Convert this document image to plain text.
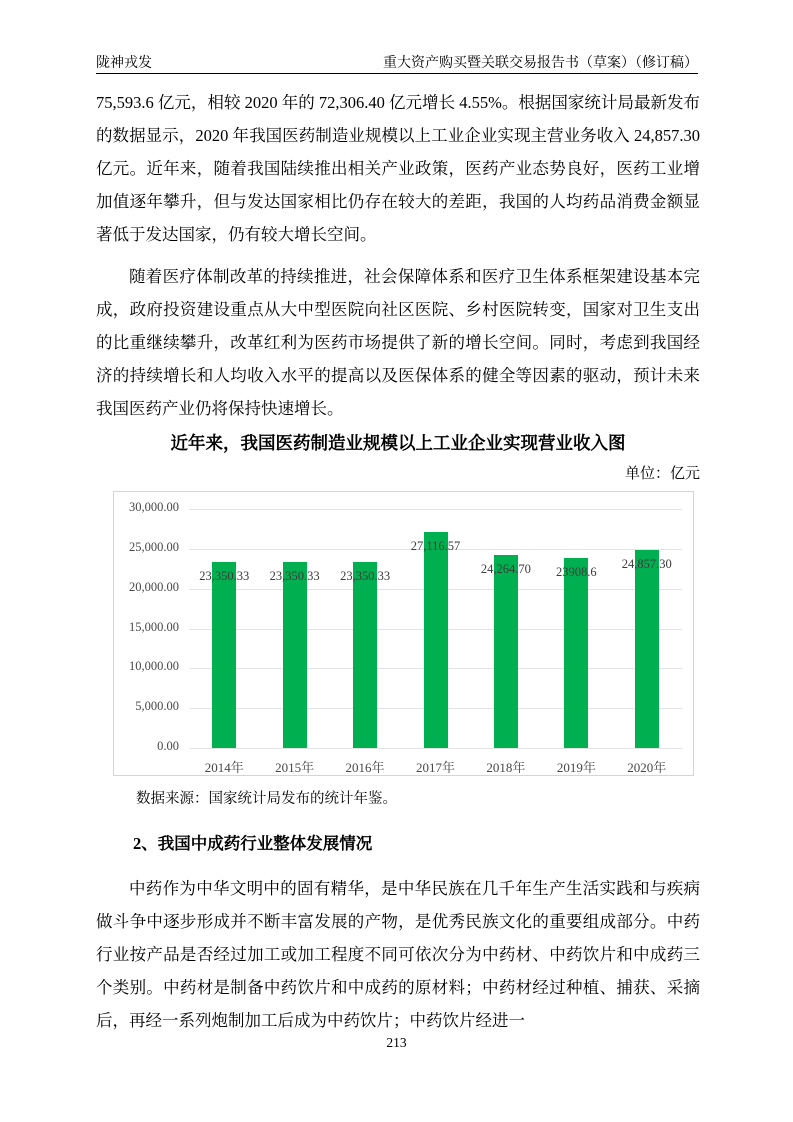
陇神戎发	重大资产购买暨关联交易报告书（草案）（修订稿）

75,593.6 亿元，相较 2020 年的 72,306.40 亿元增长 4.55%。根据国家统计局最新发布的数据显示，2020 年我国医药制造业规模以上工业企业实现主营业务收入 24,857.30 亿元。近年来，随着我国陆续推出相关产业政策，医药产业态势良好，医药工业增加值逐年攀升，但与发达国家相比仍存在较大的差距，我国的人均药品消费金额显著低于发达国家，仍有较大增长空间。

随着医疗体制改革的持续推进，社会保障体系和医疗卫生体系框架建设基本完成，政府投资建设重点从大中型医院向社区医院、乡村医院转变，国家对卫生支出的比重继续攀升，改革红利为医药市场提供了新的增长空间。同时，考虑到我国经济的持续增长和人均收入水平的提高以及医保体系的健全等因素的驱动，预计未来我国医药产业仍将保持快速增长。

近年来，我国医药制造业规模以上工业企业实现营业收入图
单位：亿元
30,000.00
25,000.00
20,000.00
15,000.00
10,000.00
5,000.00
0.00
23,350.33
2014年
23,350.33
2015年
23,350.33
2016年
27,116.57
2017年
24,264.70
2018年
23908.6
2019年
24,857.30
2020年
数据来源：国家统计局发布的统计年鉴。
2、我国中成药行业整体发展情况

中药作为中华文明中的固有精华，是中华民族在几千年生产生活实践和与疾病做斗争中逐步形成并不断丰富发展的产物，是优秀民族文化的重要组成部分。中药行业按产品是否经过加工或加工程度不同可依次分为中药材、中药饮片和中成药三个类别。中药材是制备中药饮片和中成药的原材料；中药材经过种植、捕获、采摘后，再经一系列炮制加工后成为中药饮片；中药饮片经进一

213
